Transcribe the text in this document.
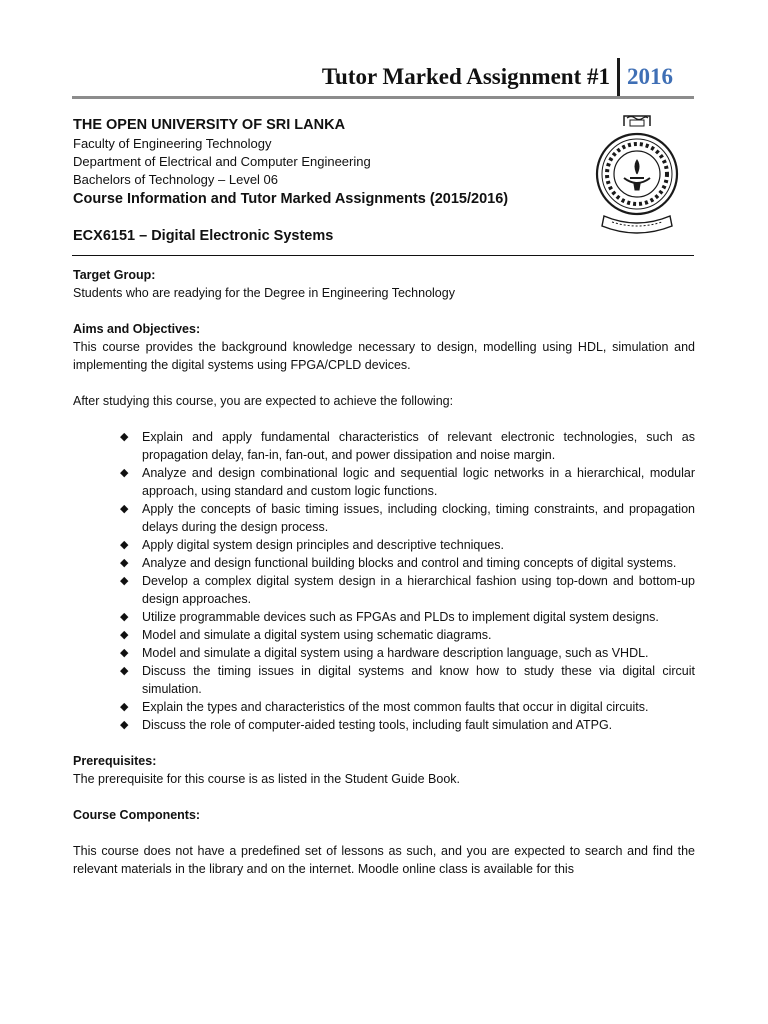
Tutor Marked Assignment #1 2016
THE OPEN UNIVERSITY OF SRI LANKA
Faculty of Engineering Technology
Department of Electrical and Computer Engineering
Bachelors of Technology – Level 06
Course Information and Tutor Marked Assignments (2015/2016)
ECX6151 – Digital Electronic Systems
Target Group:
Students who are readying for the Degree in Engineering Technology
Aims and Objectives:
This course provides the background knowledge necessary to design, modelling using HDL, simulation and implementing the digital systems using FPGA/CPLD devices.
After studying this course, you are expected to achieve the following:
◆ Explain and apply fundamental characteristics of relevant electronic technologies, such as propagation delay, fan-in, fan-out, and power dissipation and noise margin.
◆ Analyze and design combinational logic and sequential logic networks in a hierarchical, modular approach, using standard and custom logic functions.
◆ Apply the concepts of basic timing issues, including clocking, timing constraints, and propagation delays during the design process.
◆ Apply digital system design principles and descriptive techniques.
◆ Analyze and design functional building blocks and control and timing concepts of digital systems.
◆ Develop a complex digital system design in a hierarchical fashion using top-down and bottom-up design approaches.
◆ Utilize programmable devices such as FPGAs and PLDs to implement digital system designs.
◆ Model and simulate a digital system using schematic diagrams.
◆ Model and simulate a digital system using a hardware description language, such as VHDL.
◆ Discuss the timing issues in digital systems and know how to study these via digital circuit simulation.
◆ Explain the types and characteristics of the most common faults that occur in digital circuits.
◆ Discuss the role of computer-aided testing tools, including fault simulation and ATPG.
Prerequisites:
The prerequisite for this course is as listed in the Student Guide Book.
Course Components:
This course does not have a predefined set of lessons as such, and you are expected to search and find the relevant materials in the library and on the internet. Moodle online class is available for this
